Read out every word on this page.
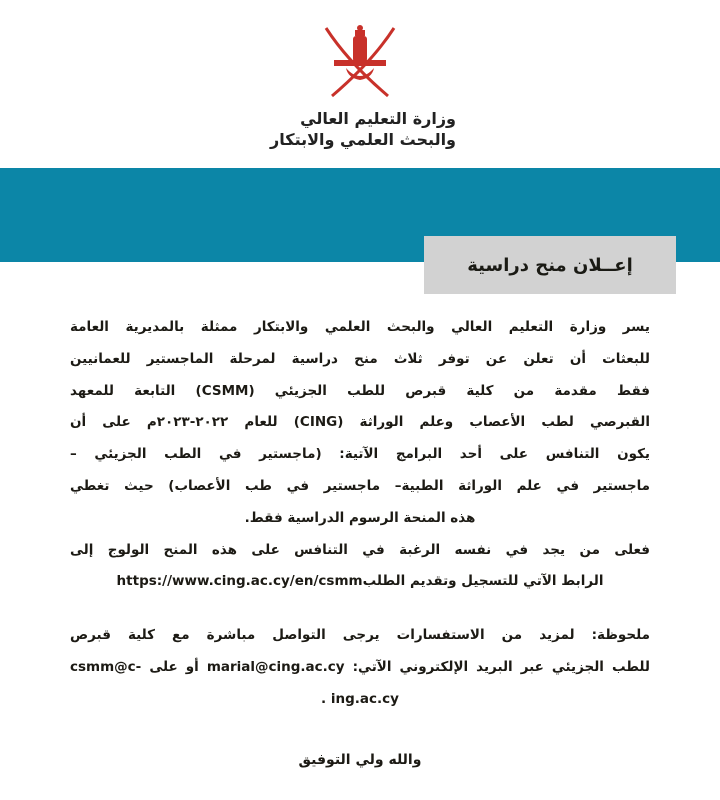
وزارة التعليم العالي
والبحث العلمي والابتكار
إعــلان منح دراسية
يسر وزارة التعليم العالي والبحث العلمي والابتكار ممثلة بالمديرية العامة
للبعثات أن تعلن عن توفر ثلاث منح دراسية لمرحلة الماجستير للعمانيين
فقط مقدمة من كلية قبرص للطب الجزيئي (CSMM) التابعة للمعهد
القبرصي لطب الأعصاب وعلم الوراثة (CING) للعام ٢٠٢٢-٢٠٢٣م على أن
يكون التنافس على أحد البرامج الآتية: (ماجستير في الطب الجزيئي –
ماجستير في علم الوراثة الطبية– ماجستير في طب الأعصاب) حيث تغطي
هذه المنحة الرسوم الدراسية فقط.
فعلى من يجد في نفسه الرغبة في التنافس على هذه المنح الولوج إلى
الرابط الآتي للتسجيل وتقديم الطلبhttps://www.cing.ac.cy/en/csmm
ملحوظة: لمزيد من الاستفسارات يرجى التواصل مباشرة مع كلية قبرص
للطب الجزيئي عبر البريد الإلكتروني الآتي: marial@cing.ac.cy أو على csmm@c-
ing.ac.cy .
والله ولي التوفيق
